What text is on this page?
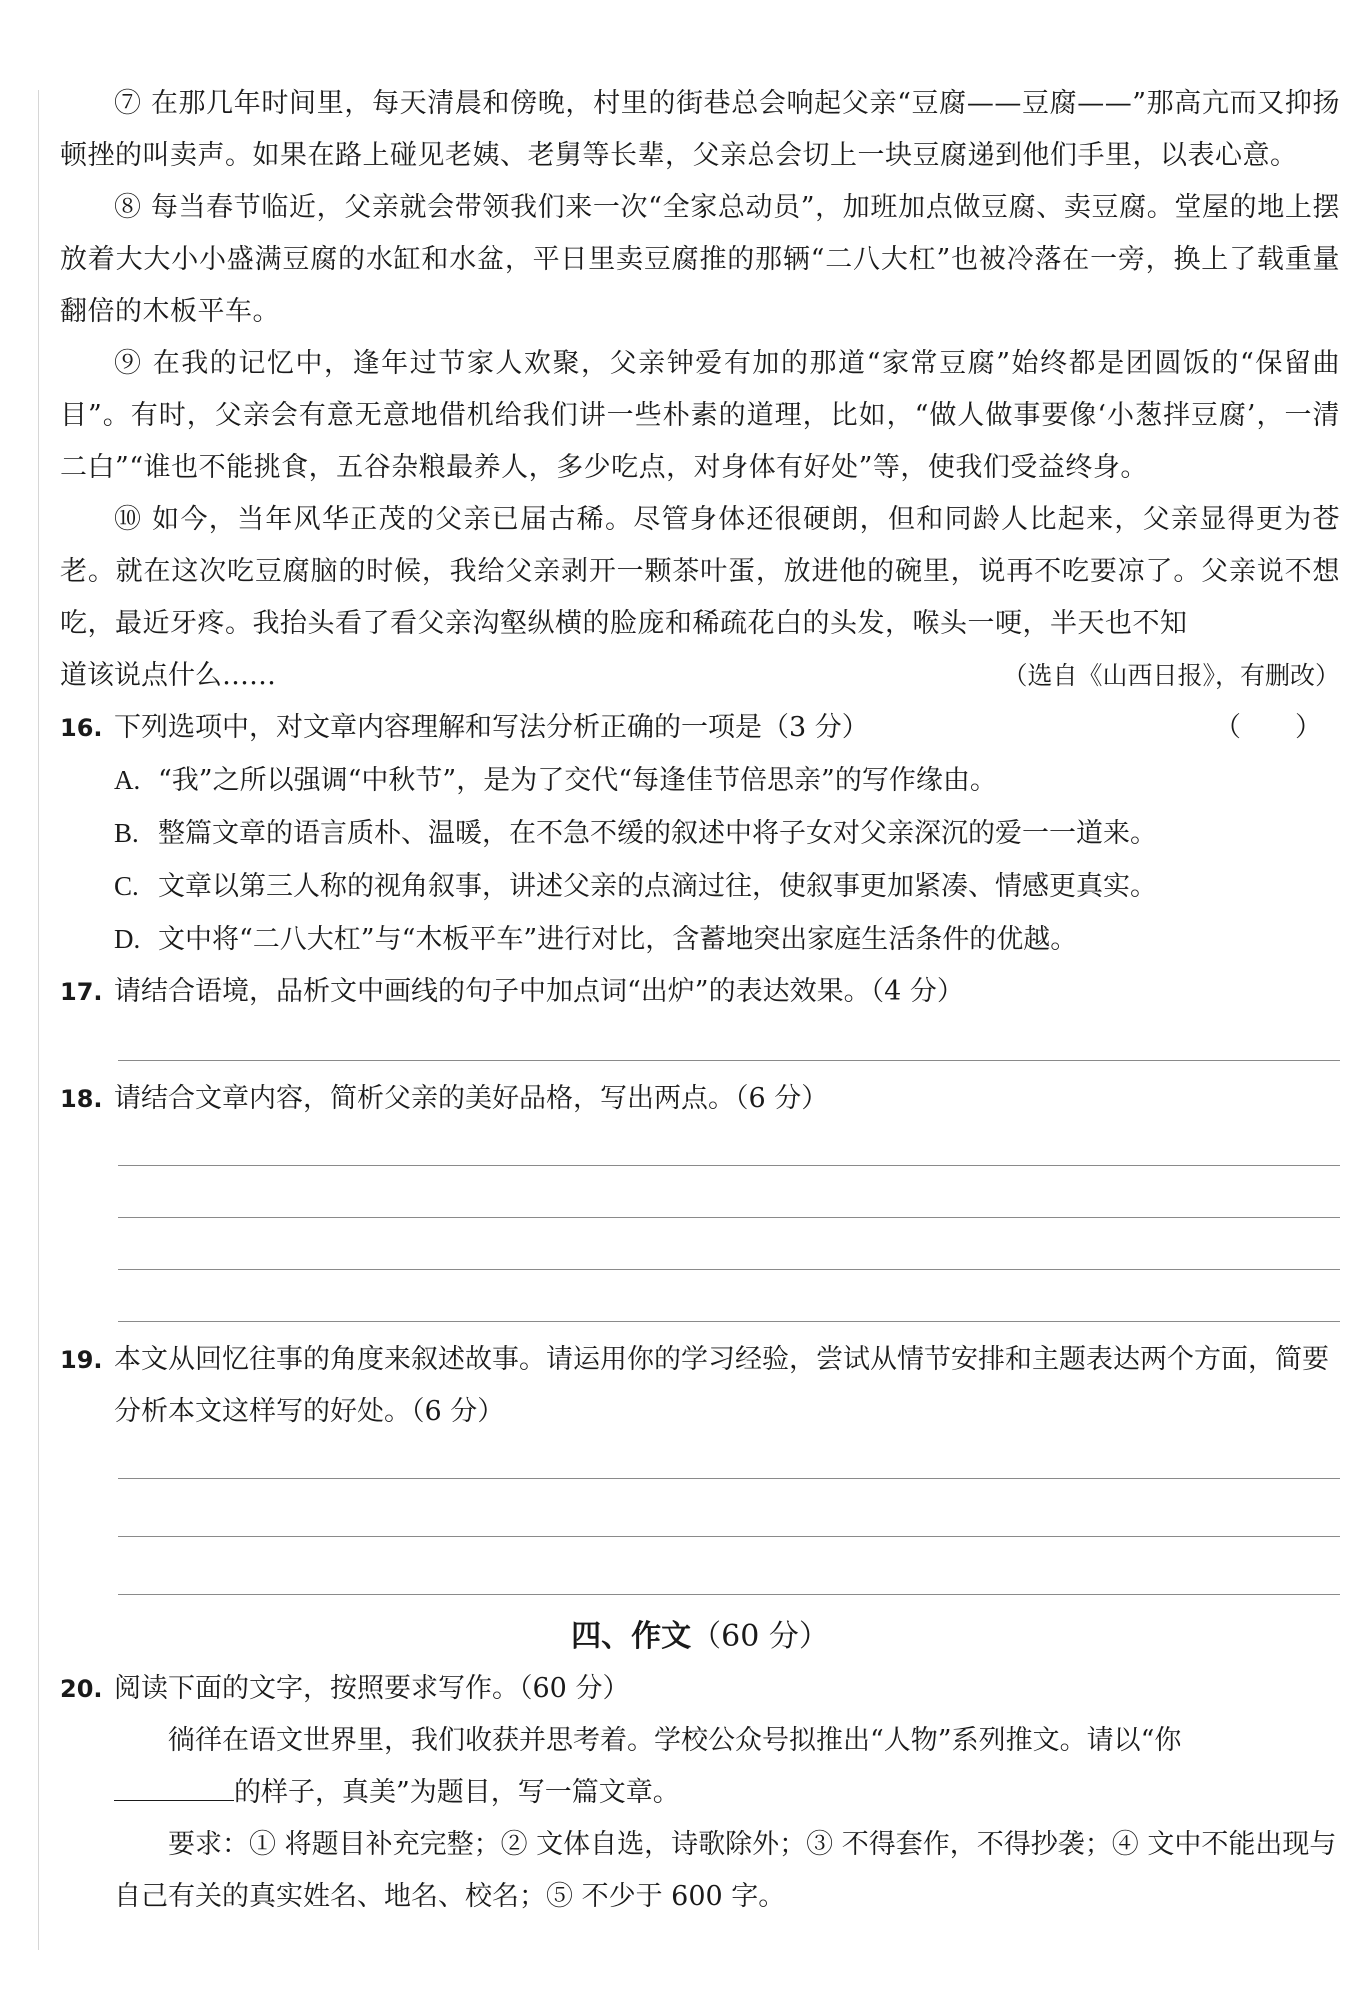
⑦ 在那几年时间里，每天清晨和傍晚，村里的街巷总会响起父亲“豆腐——豆腐——”那高亢而又抑扬顿挫的叫卖声。如果在路上碰见老姨、老舅等长辈，父亲总会切上一块豆腐递到他们手里，以表心意。

⑧ 每当春节临近，父亲就会带领我们来一次“全家总动员”，加班加点做豆腐、卖豆腐。堂屋的地上摆放着大大小小盛满豆腐的水缸和水盆，平日里卖豆腐推的那辆“二八大杠”也被冷落在一旁，换上了载重量翻倍的木板平车。

⑨ 在我的记忆中，逢年过节家人欢聚，父亲钟爱有加的那道“家常豆腐”始终都是团圆饭的“保留曲目”。有时，父亲会有意无意地借机给我们讲一些朴素的道理，比如，“做人做事要像‘小葱拌豆腐’，一清二白”“谁也不能挑食，五谷杂粮最养人，多少吃点，对身体有好处”等，使我们受益终身。

⑩ 如今，当年风华正茂的父亲已届古稀。尽管身体还很硬朗，但和同龄人比起来，父亲显得更为苍老。就在这次吃豆腐脑的时候，我给父亲剥开一颗茶叶蛋，放进他的碗里，说再不吃要凉了。父亲说不想吃，最近牙疼。我抬头看了看父亲沟壑纵横的脸庞和稀疏花白的头发，喉头一哽，半天也不知

道该说点什么……	（选自《山西日报》，有删改）
16. 下列选项中，对文章内容理解和写法分析正确的一项是（3 分）	（　　）
A. “我”之所以强调“中秋节”，是为了交代“每逢佳节倍思亲”的写作缘由。
B. 整篇文章的语言质朴、温暖，在不急不缓的叙述中将子女对父亲深沉的爱一一道来。
C. 文章以第三人称的视角叙事，讲述父亲的点滴过往，使叙事更加紧凑、情感更真实。
D. 文中将“二八大杠”与“木板平车”进行对比，含蓄地突出家庭生活条件的优越。
17. 请结合语境，品析文中画线的句子中加点词“出炉”的表达效果。（4 分）
18. 请结合文章内容，简析父亲的美好品格，写出两点。（6 分）
19. 本文从回忆往事的角度来叙述故事。请运用你的学习经验，尝试从情节安排和主题表达两个方面，简要分析本文这样写的好处。（6 分）

四、作文（60 分）

20. 阅读下面的文字，按照要求写作。（60 分）

徜徉在语文世界里，我们收获并思考着。学校公众号拟推出“人物”系列推文。请以“你

的样子，真美”为题目，写一篇文章。

要求：① 将题目补充完整；② 文体自选，诗歌除外；③ 不得套作，不得抄袭；④ 文中不能出现与自己有关的真实姓名、地名、校名；⑤ 不少于 600 字。
